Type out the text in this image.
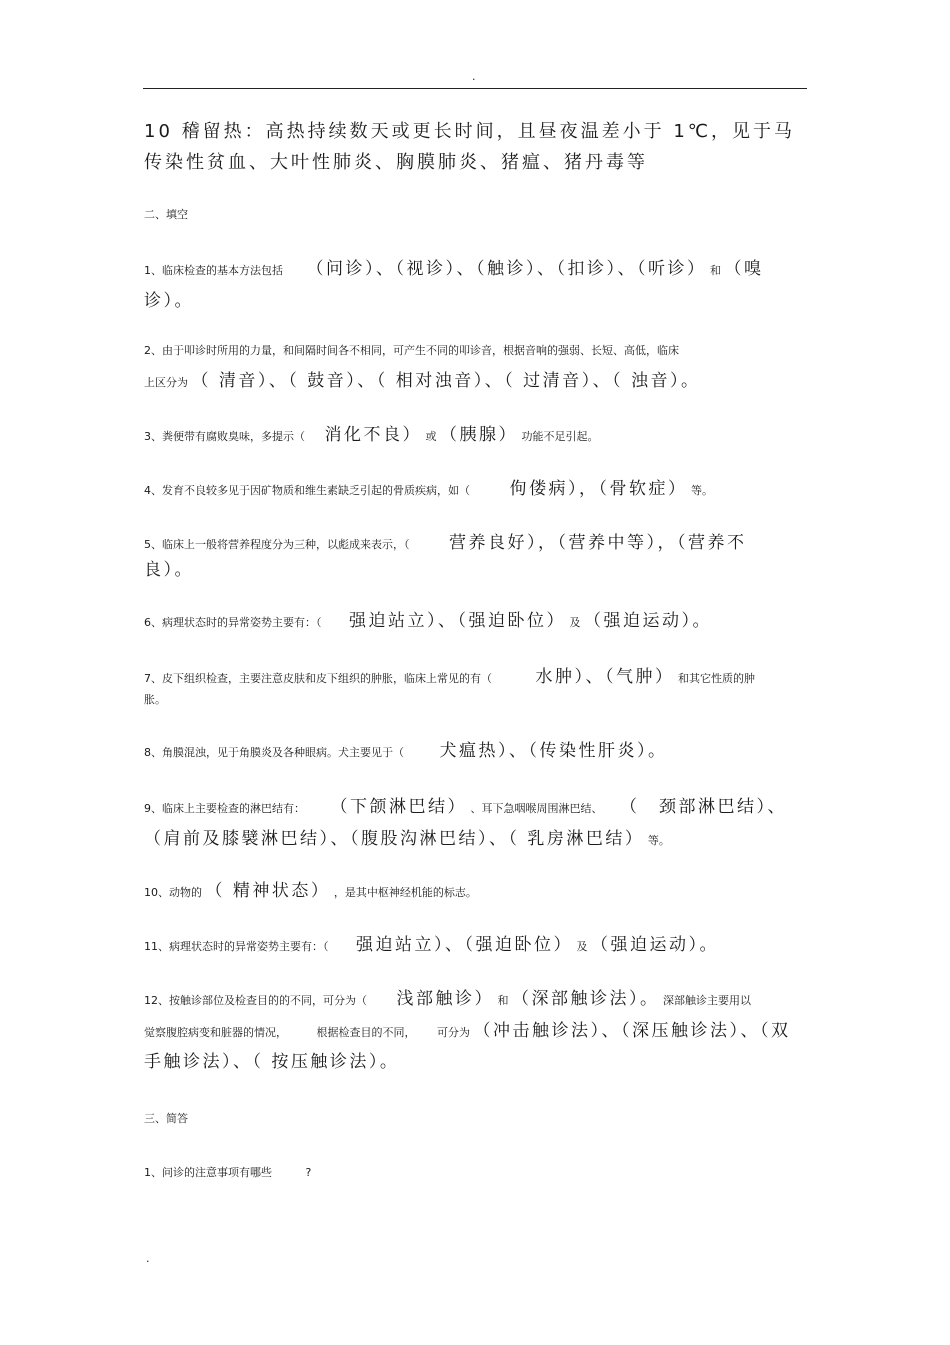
.

10 稽留热：高热持续数天或更长时间，且昼夜温差小于 1℃，见于马

传染性贫血、大叶性肺炎、胸膜肺炎、猪瘟、猪丹毒等

二、填空

1、临床检查的基本方法包括 （问诊）、（视诊）、（触诊）、（扣诊）、（听诊） 和 （嗅诊）。

2、由于叩诊时所用的力量，和间隔时间各不相同，可产生不同的叩诊音，根据音响的强弱、长短、高低，临床

上区分为 （ 清音）、（ 鼓音）、（ 相对浊音）、（ 过清音）、（ 浊音）。

3、粪便带有腐败臭味，多提示（ 消化不良） 或 （胰腺） 功能不足引起。

4、发育不良较多见于因矿物质和维生素缺乏引起的骨质疾病，如（ 佝偻病），（骨软症） 等。

5、临床上一般将营养程度分为三种，以彪成来表示，（ 营养良好），（营养中等），（营养不

良）。

6、病理状态时的异常姿势主要有：（ 强迫站立）、（强迫卧位） 及 （强迫运动）。

7、皮下组织检查，主要注意皮肤和皮下组织的肿胀，临床上常见的有（	水肿）、（气肿） 和其它性质的肿

胀。

8、角膜混浊，见于角膜炎及各种眼病。犬主要见于（ 犬瘟热）、（传染性肝炎）。

9、临床上主要检查的淋巴结有： （下颌淋巴结） 、耳下急咽喉周围淋巴结、 （　颈部淋巴结）、

（肩前及膝襞淋巴结）、（腹股沟淋巴结）、（ 乳房淋巴结） 等。

10、动物的 （ 精神状态） ，是其中枢神经机能的标志。

11、病理状态时的异常姿势主要有：（ 强迫站立）、（强迫卧位） 及 （强迫运动）。

12、按触诊部位及检查目的的不同，可分为（ 浅部触诊） 和 （深部触诊法）。 深部触诊主要用以

觉察腹腔病变和脏器的情况，	根据检查目的不同， 可分为 （冲击触诊法）、（深压触诊法）、（双

手触诊法）、（ 按压触诊法）。

三、简答

1、问诊的注意事项有哪些	?

.
